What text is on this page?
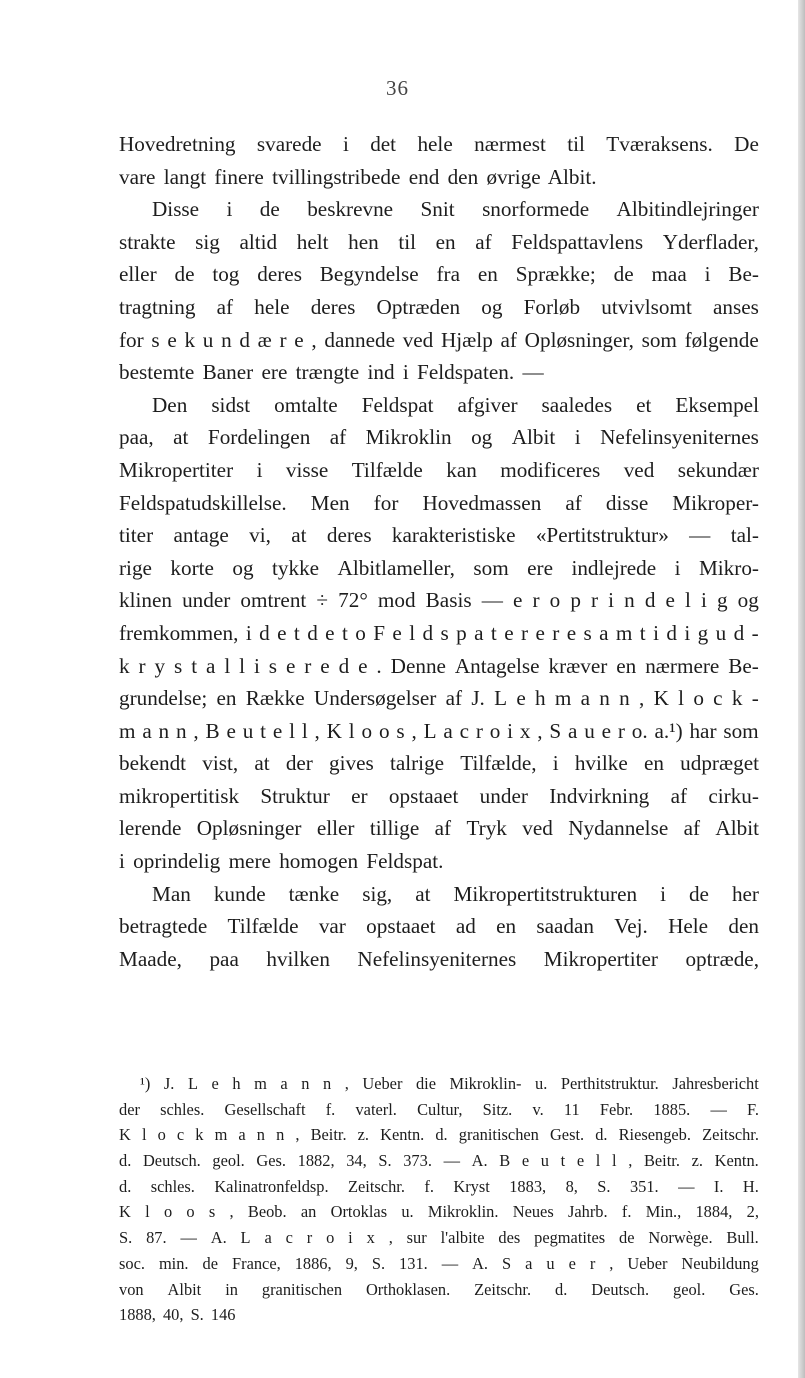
36
Hovedretning svarede i det hele nærmest til Tværaksens. De
vare langt finere tvillingstribede end den øvrige Albit.
Disse i de beskrevne Snit snorformede Albitindlejringer
strakte sig altid helt hen til en af Feldspattavlens Yderflader,
eller de tog deres Begyndelse fra en Sprække; de maa i Be-
tragtning af hele deres Optræden og Forløb utvivlsomt anses
for s e k u n d æ r e , dannede ved Hjælp af Opløsninger, som følgende
bestemte Baner ere trængte ind i Feldspaten. —
Den sidst omtalte Feldspat afgiver saaledes et Eksempel
paa, at Fordelingen af Mikroklin og Albit i Nefelinsyeniternes
Mikropertiter i visse Tilfælde kan modificeres ved sekundær
Feldspatudskillelse. Men for Hovedmassen af disse Mikroper-
titer antage vi, at deres karakteristiske «Pertitstruktur» — tal-
rige korte og tykke Albitlameller, som ere indlejrede i Mikro-
klinen under omtrent ÷ 72° mod Basis — e r o p r i n d e l i g og
fremkommen, i d e t d e t o F e l d s p a t e r e r e s a m t i d i g u d -
k r y s t a l l i s e r e d e . Denne Antagelse kræver en nærmere Be-
grundelse; en Række Undersøgelser af J. L e h m a n n , K l o c k -
m a n n , B e u t e l l , K l o o s , L a c r o i x , S a u e r o. a.¹) har som
bekendt vist, at der gives talrige Tilfælde, i hvilke en udpræget
mikropertitisk Struktur er opstaaet under Indvirkning af cirku-
lerende Opløsninger eller tillige af Tryk ved Nydannelse af Albit
i oprindelig mere homogen Feldspat.
Man kunde tænke sig, at Mikropertitstrukturen i de her
betragtede Tilfælde var opstaaet ad en saadan Vej. Hele den
Maade, paa hvilken Nefelinsyeniternes Mikropertiter optræde,
¹) J. L e h m a n n , Ueber die Mikroklin- u. Perthitstruktur. Jahresbericht
der schles. Gesellschaft f. vaterl. Cultur, Sitz. v. 11 Febr. 1885. — F.
K l o c k m a n n , Beitr. z. Kentn. d. granitischen Gest. d. Riesengeb. Zeitschr.
d. Deutsch. geol. Ges. 1882, 34, S. 373. — A. B e u t e l l , Beitr. z. Kentn.
d. schles. Kalinatronfeldsp. Zeitschr. f. Kryst 1883, 8, S. 351. — I. H.
K l o o s , Beob. an Ortoklas u. Mikroklin. Neues Jahrb. f. Min., 1884, 2,
S. 87. — A. L a c r o i x , sur l'albite des pegmatites de Norwège. Bull.
soc. min. de France, 1886, 9, S. 131. — A. S a u e r , Ueber Neubildung
von Albit in granitischen Orthoklasen. Zeitschr. d. Deutsch. geol. Ges.
1888, 40, S. 146
